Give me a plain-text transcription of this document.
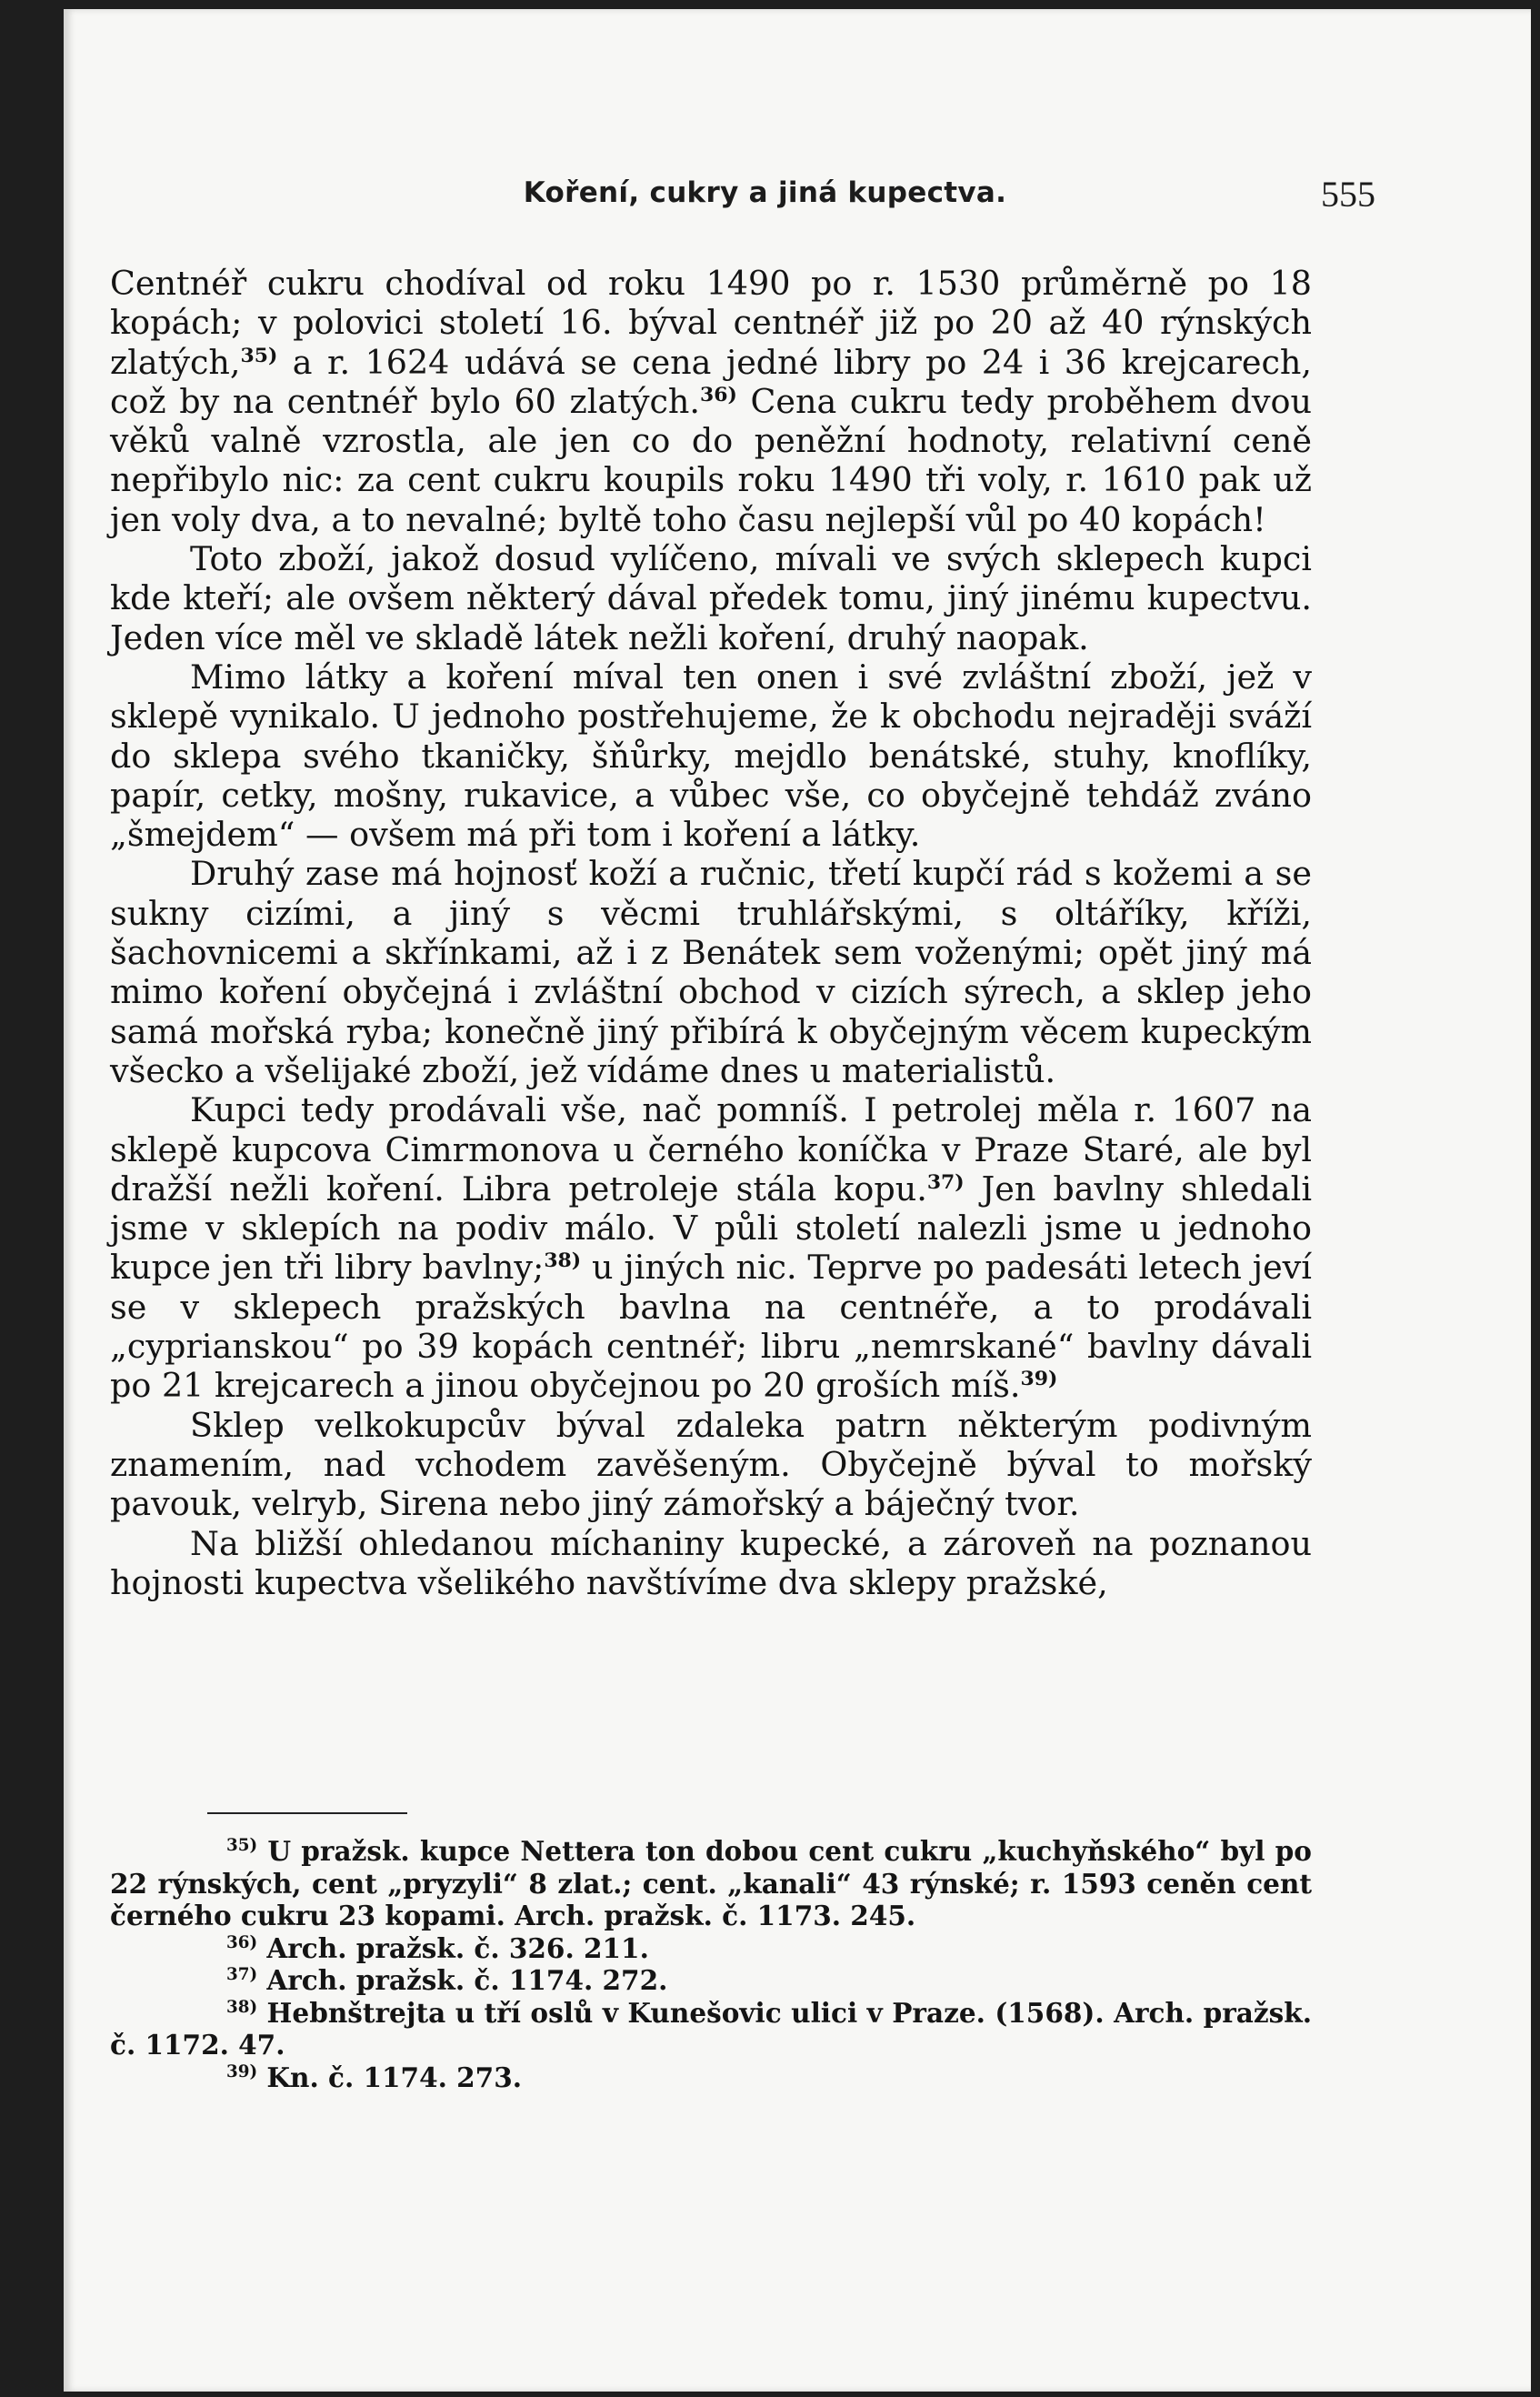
Koření, cukry a jiná kupectva.	555

Centnéř cukru chodíval od roku 1490 po r. 1530 průměrně po 18 kopách; v polovici století 16. býval centnéř již po 20 až 40 rýnských zlatých,$^{35)}$ a r. 1624 udává se cena jedné libry po 24 i 36 krejcarech, což by na centnéř bylo 60 zlatých.$^{36)}$ Cena cukru tedy proběhem dvou věků valně vzrostla, ale jen co do peněžní hodnoty, relativní ceně nepřibylo nic: za cent cukru koupils roku 1490 tři voly, r. 1610 pak už jen voly dva, a to nevalné; byltě toho času nejlepší vůl po 40 kopách!

Toto zboží, jakož dosud vylíčeno, mívali ve svých sklepech kupci kde kteří; ale ovšem některý dával předek tomu, jiný jinému kupectvu. Jeden více měl ve skladě látek nežli koření, druhý naopak.

Mimo látky a koření míval ten onen i své zvláštní zboží, jež v sklepě vynikalo. U jednoho postřehujeme, že k obchodu nejraději sváží do sklepa svého tkaničky, šňůrky, mejdlo benátské, stuhy, knoflíky, papír, cetky, mošny, rukavice, a vůbec vše, co obyčejně tehdáž zváno „šmejdem“ — ovšem má při tom i koření a látky.

Druhý zase má hojnosť koží a ručnic, třetí kupčí rád s kožemi a se sukny cizími, a jiný s věcmi truhlářskými, s oltáříky, kříži, šachovnicemi a skřínkami, až i z Benátek sem voženými; opět jiný má mimo koření obyčejná i zvláštní obchod v cizích sýrech, a sklep jeho samá mořská ryba; konečně jiný přibírá k obyčejným věcem kupeckým všecko a všelijaké zboží, jež vídáme dnes u materialistů.

Kupci tedy prodávali vše, nač pomníš. I petrolej měla r. 1607 na sklepě kupcova Cimrmonova u černého koníčka v Praze Staré, ale byl dražší nežli koření. Libra petroleje stála kopu.$^{37)}$ Jen bavlny shledali jsme v sklepích na podiv málo. V půli století nalezli jsme u jednoho kupce jen tři libry bavlny;$^{38)}$ u jiných nic. Teprve po padesáti letech jeví se v sklepech pražských bavlna na centnéře, a to prodávali „cyprianskou“ po 39 kopách centnéř; libru „nemrskané“ bavlny dávali po 21 krejcarech a jinou obyčejnou po 20 groších míš.$^{39)}$

Sklep velkokupcův býval zdaleka patrn některým podivným znamením, nad vchodem zavěšeným. Obyčejně býval to mořský pavouk, velryb, Sirena nebo jiný zámořský a báječný tvor.

Na bližší ohledanou míchaniny kupecké, a zároveň na poznanou hojnosti kupectva všelikého navštívíme dva sklepy pražské,

$^{35)}$ U pražsk. kupce Nettera ton dobou cent cukru „kuchyňského“ byl po 22 rýnských, cent „pryzyli“ 8 zlat.; cent. „kanali“ 43 rýnské; r. 1593 ceněn cent černého cukru 23 kopami. Arch. pražsk. č. 1173. 245.

$^{36)}$ Arch. pražsk. č. 326. 211.

$^{37)}$ Arch. pražsk. č. 1174. 272.

$^{38)}$ Hebnštrejta u tří oslů v Kunešovic ulici v Praze. (1568). Arch. pražsk. č. 1172. 47.

$^{39)}$ Kn. č. 1174. 273.
